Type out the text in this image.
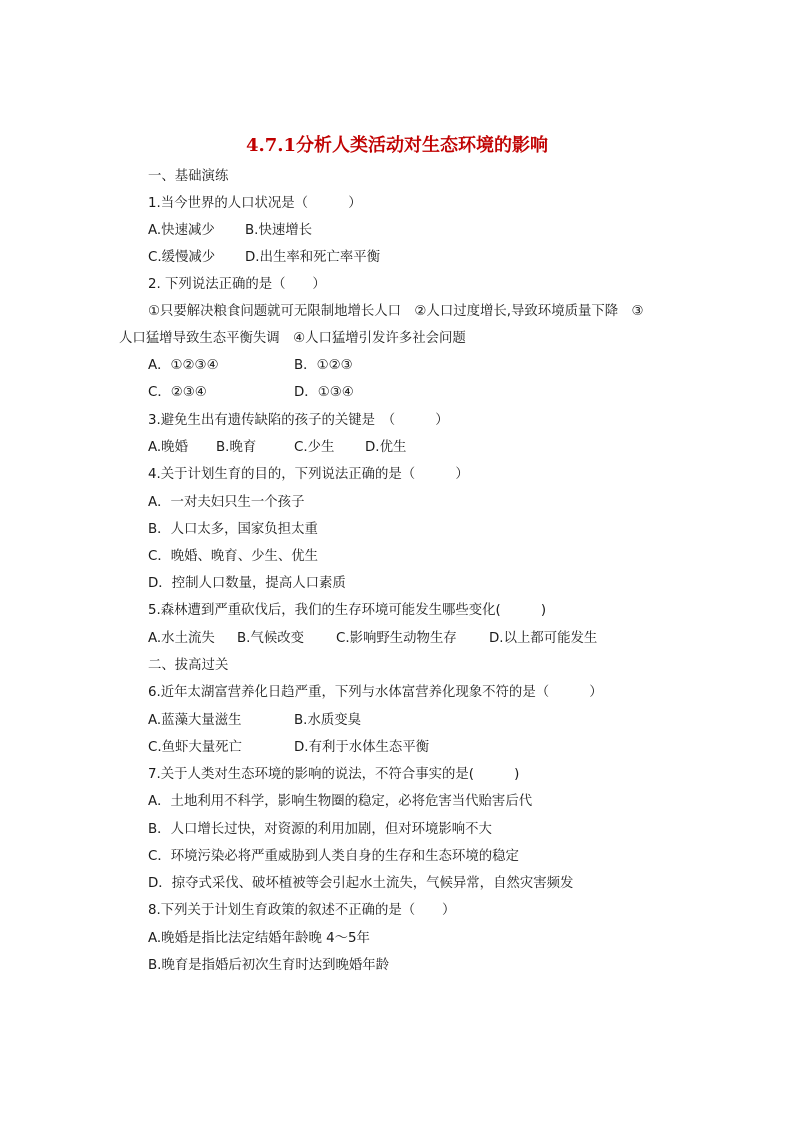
4.7.1分析人类活动对生态环境的影响
一、基础演练
1.当今世界的人口状况是（　　　）
A.快速减少 B.快速增长
C.缓慢减少 D.出生率和死亡率平衡
2. 下列说法正确的是（　　）
①只要解决粮食问题就可无限制地增长人口　②人口过度增长,导致环境质量下降　③
人口猛增导致生态平衡失调　④人口猛增引发许多社会问题
A．①②③④	B．①②③
C．②③④	D．①③④
3.避免生出有遗传缺陷的孩子的关键是　（　　　）
A.晚婚 B.晚育	C.少生 D.优生
4.关于计划生育的目的，下列说法正确的是（　　　）
A．一对夫妇只生一个孩子
B．人口太多，国家负担太重
C．晚婚、晚育、少生、优生
D．控制人口数量，提高人口素质
5.森林遭到严重砍伐后，我们的生存环境可能发生哪些变化(　　　)
A.水土流失 B.气候改变 C.影响野生动物生存 D.以上都可能发生
二、拔高过关
6.近年太湖富营养化日趋严重，下列与水体富营养化现象不符的是（　　　）
A.蓝藻大量滋生	B.水质变臭
C.鱼虾大量死亡	D.有利于水体生态平衡
7.关于人类对生态环境的影响的说法，不符合事实的是(　　　)
A．土地利用不科学，影响生物圈的稳定，必将危害当代贻害后代
B．人口增长过快，对资源的利用加剧，但对环境影响不大
C．环境污染必将严重威胁到人类自身的生存和生态环境的稳定
D．掠夺式采伐、破坏植被等会引起水土流失，气候异常，自然灾害频发
8.下列关于计划生育政策的叙述不正确的是（　　）
A.晚婚是指比法定结婚年龄晚 4～5年
B.晚育是指婚后初次生育时达到晚婚年龄
